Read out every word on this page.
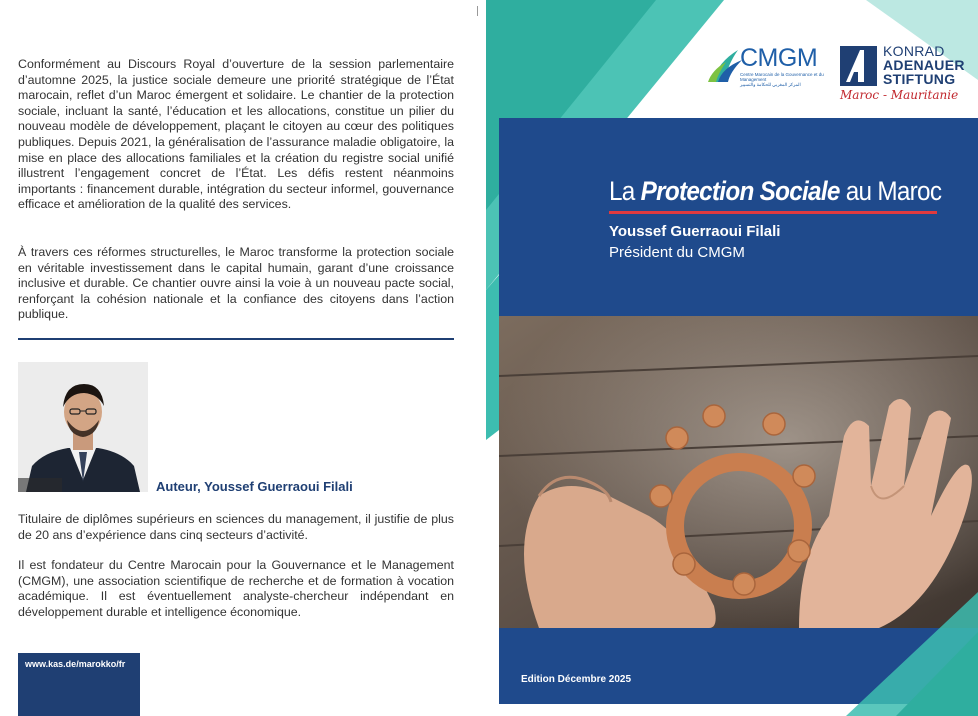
Conformément au Discours Royal d’ouverture de la session parlementaire d’automne 2025, la justice sociale demeure une priorité stratégique de l’État marocain, reflet d’un Maroc émergent et solidaire. Le chantier de la protection sociale, incluant la santé, l’éducation et les allocations, constitue un pilier du nouveau modèle de développement, plaçant le citoyen au cœur des politiques publiques. Depuis 2021, la généralisation de l’assurance maladie obligatoire, la mise en place des allocations familiales et la création du registre social unifié illustrent l’engagement concret de l’État. Les défis restent néanmoins importants : financement durable, intégration du secteur informel, gouvernance efficace et amélioration de la qualité des services.

À travers ces réformes structurelles, le Maroc transforme la protection sociale en véritable investissement dans le capital humain, garant d’une croissance inclusive et durable. Ce chantier ouvre ainsi la voie à un nouveau pacte social, renforçant la cohésion nationale et la confiance des citoyens dans l’action publique.

Auteur, Youssef Guerraoui Filali

Titulaire de diplômes supérieurs en sciences du management, il justifie de plus de 20 ans d’expérience dans cinq secteurs d’activité.

Il est fondateur du Centre Marocain pour la Gouvernance et le Management (CMGM), une association scientifique de recherche et de formation à vocation académique. Il est éventuellement analyste-chercheur indépendant en développement durable et intelligence économique.

www.kas.de/marokko/fr
CMGM
Centre Marocain de la Gouvernance et du Management
المركز المغربي للحكامة والتسيير
KONRAD
ADENAUER
STIFTUNG
Maroc - Mauritanie
La Protection Sociale au Maroc
Youssef Guerraoui Filali
Président du CMGM
Edition Décembre 2025
